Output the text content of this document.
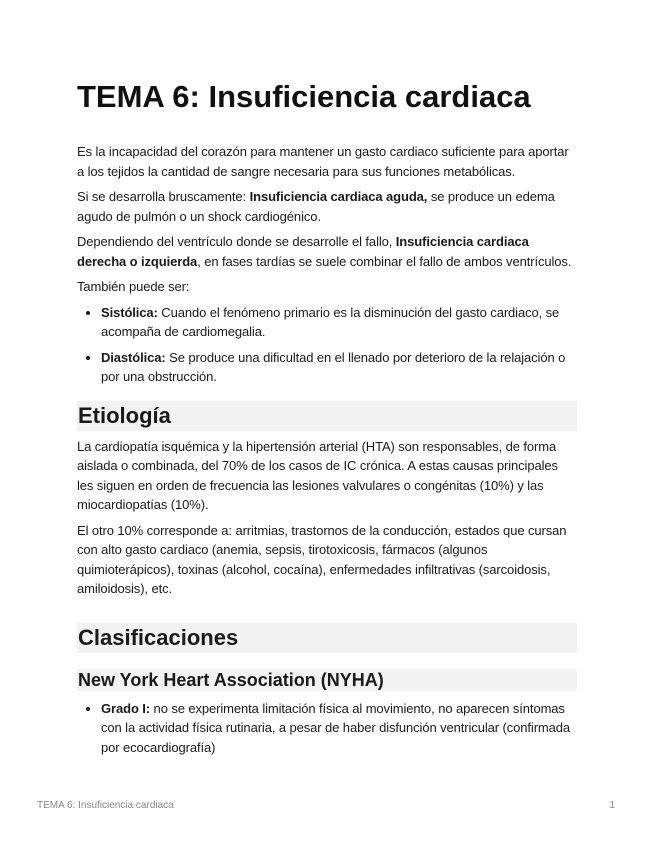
TEMA 6: Insuficiencia cardiaca

Es la incapacidad del corazón para mantener un gasto cardiaco suficiente para aportar a los tejidos la cantidad de sangre necesaria para sus funciones metabólicas.

Si se desarrolla bruscamente: Insuficiencia cardiaca aguda, se produce un edema agudo de pulmón o un shock cardiogénico.

Dependiendo del ventrículo donde se desarrolle el fallo, Insuficiencia cardiaca derecha o izquierda, en fases tardías se suele combinar el fallo de ambos ventrículos.

También puede ser:

• Sistólica: Cuando el fenómeno primario es la disminución del gasto cardiaco, se acompaña de cardiomegalia.
• Diastólica: Se produce una dificultad en el llenado por deterioro de la relajación o por una obstrucción.
Etiología

La cardiopatía isquémica y la hipertensión arterial (HTA) son responsables, de forma aislada o combinada, del 70% de los casos de IC crónica. A estas causas principales les siguen en orden de frecuencia las lesiones valvulares o congénitas (10%) y las miocardiopatías (10%).

El otro 10% corresponde a: arritmias, trastornos de la conducción, estados que cursan con alto gasto cardiaco (anemia, sepsis, tirotoxicosis, fármacos (algunos quimioterápicos), toxinas (alcohol, cocaína), enfermedades infiltrativas (sarcoidosis, amiloidosis), etc.

Clasificaciones
New York Heart Association (NYHA)
• Grado I: no se experimenta limitación física al movimiento, no aparecen síntomas con la actividad física rutinaria, a pesar de haber disfunción ventricular (confirmada por ecocardiografía)
TEMA 6: Insuficiencia cardiaca	1
